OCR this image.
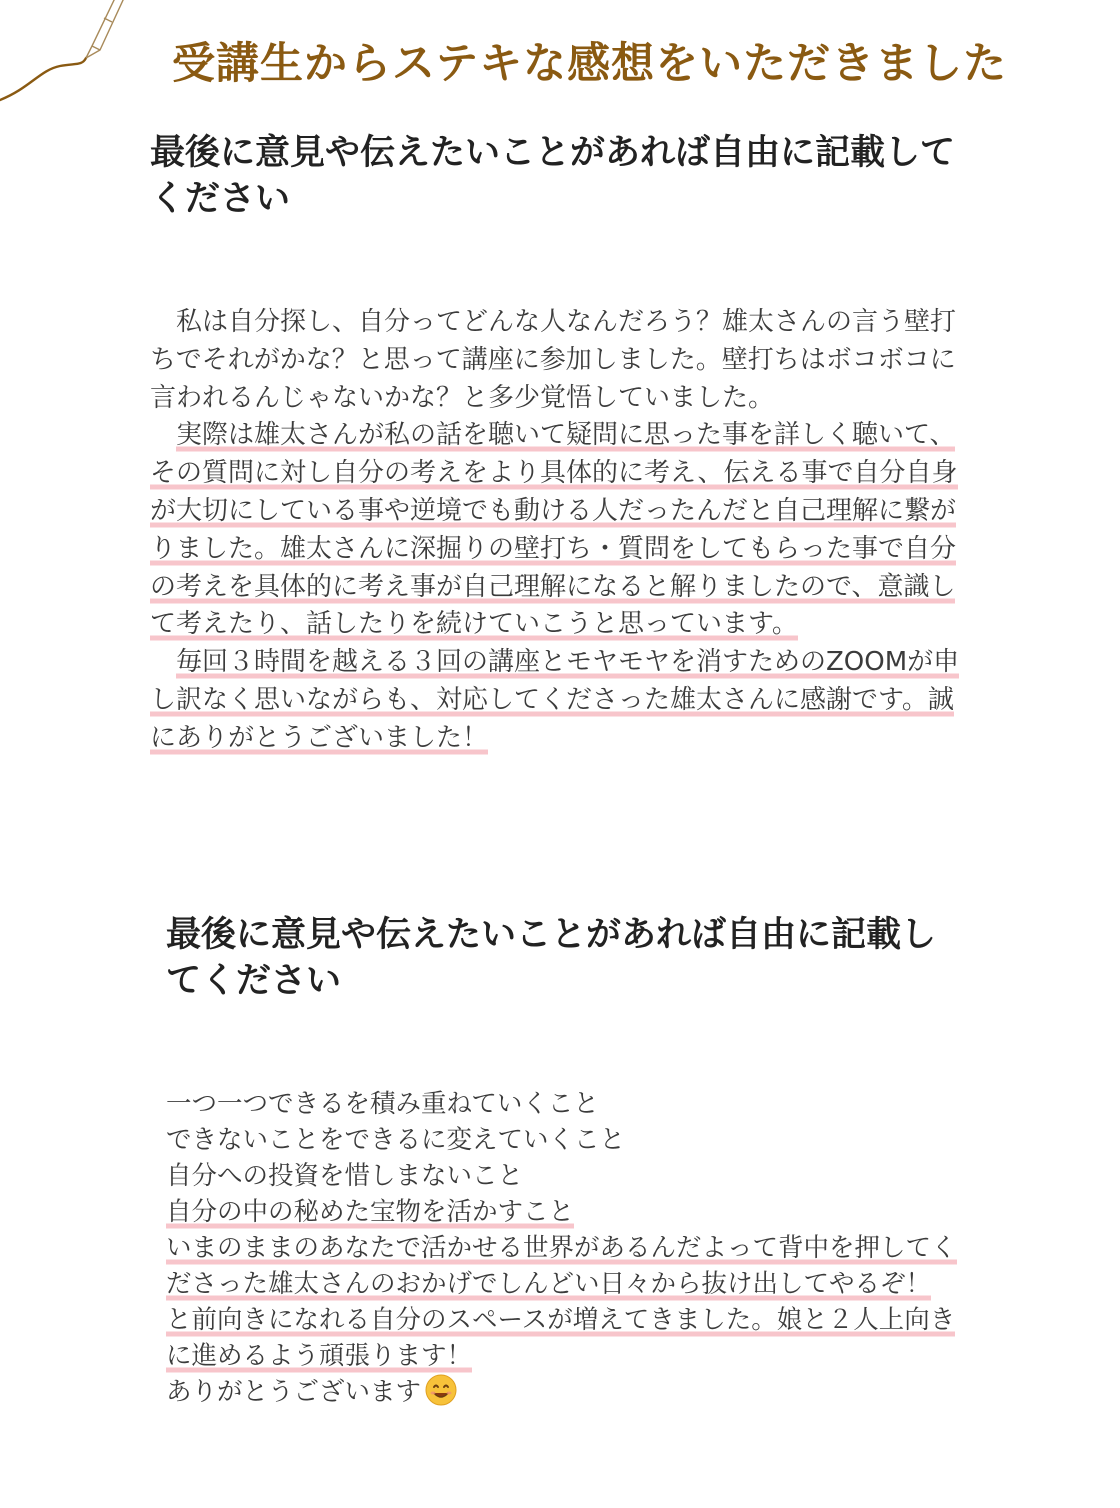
受講生からステキな感想をいただきました
最後に意見や伝えたいことがあれば自由に記載してください
私は自分探し、自分ってどんな人なんだろう？雄太さんの言う壁打ちでそれがかな？と思って講座に参加しました。壁打ちはボコボコに言われるんじゃないかな？と多少覚悟していました。
実際は雄太さんが私の話を聴いて疑問に思った事を詳しく聴いて、その質問に対し自分の考えをより具体的に考え、伝える事で自分自身が大切にしている事や逆境でも動ける人だったんだと自己理解に繋がりました。雄太さんに深掘りの壁打ち・質問をしてもらった事で自分の考えを具体的に考え事が自己理解になると解りましたので、意識して考えたり、話したりを続けていこうと思っています。
毎回３時間を越える３回の講座とモヤモヤを消すためのZOOMが申し訳なく思いながらも、対応してくださった雄太さんに感謝です。誠にありがとうございました！
最後に意見や伝えたいことがあれば自由に記載してください
一つ一つできるを積み重ねていくこと
できないことをできるに変えていくこと
自分への投資を惜しまないこと
自分の中の秘めた宝物を活かすこと
いまのままのあなたで活かせる世界があるんだよって背中を押してくださった雄太さんのおかげでしんどい日々から抜け出してやるぞ！
と前向きになれる自分のスペースが増えてきました。娘と２人上向きに進めるよう頑張ります！
ありがとうございます
